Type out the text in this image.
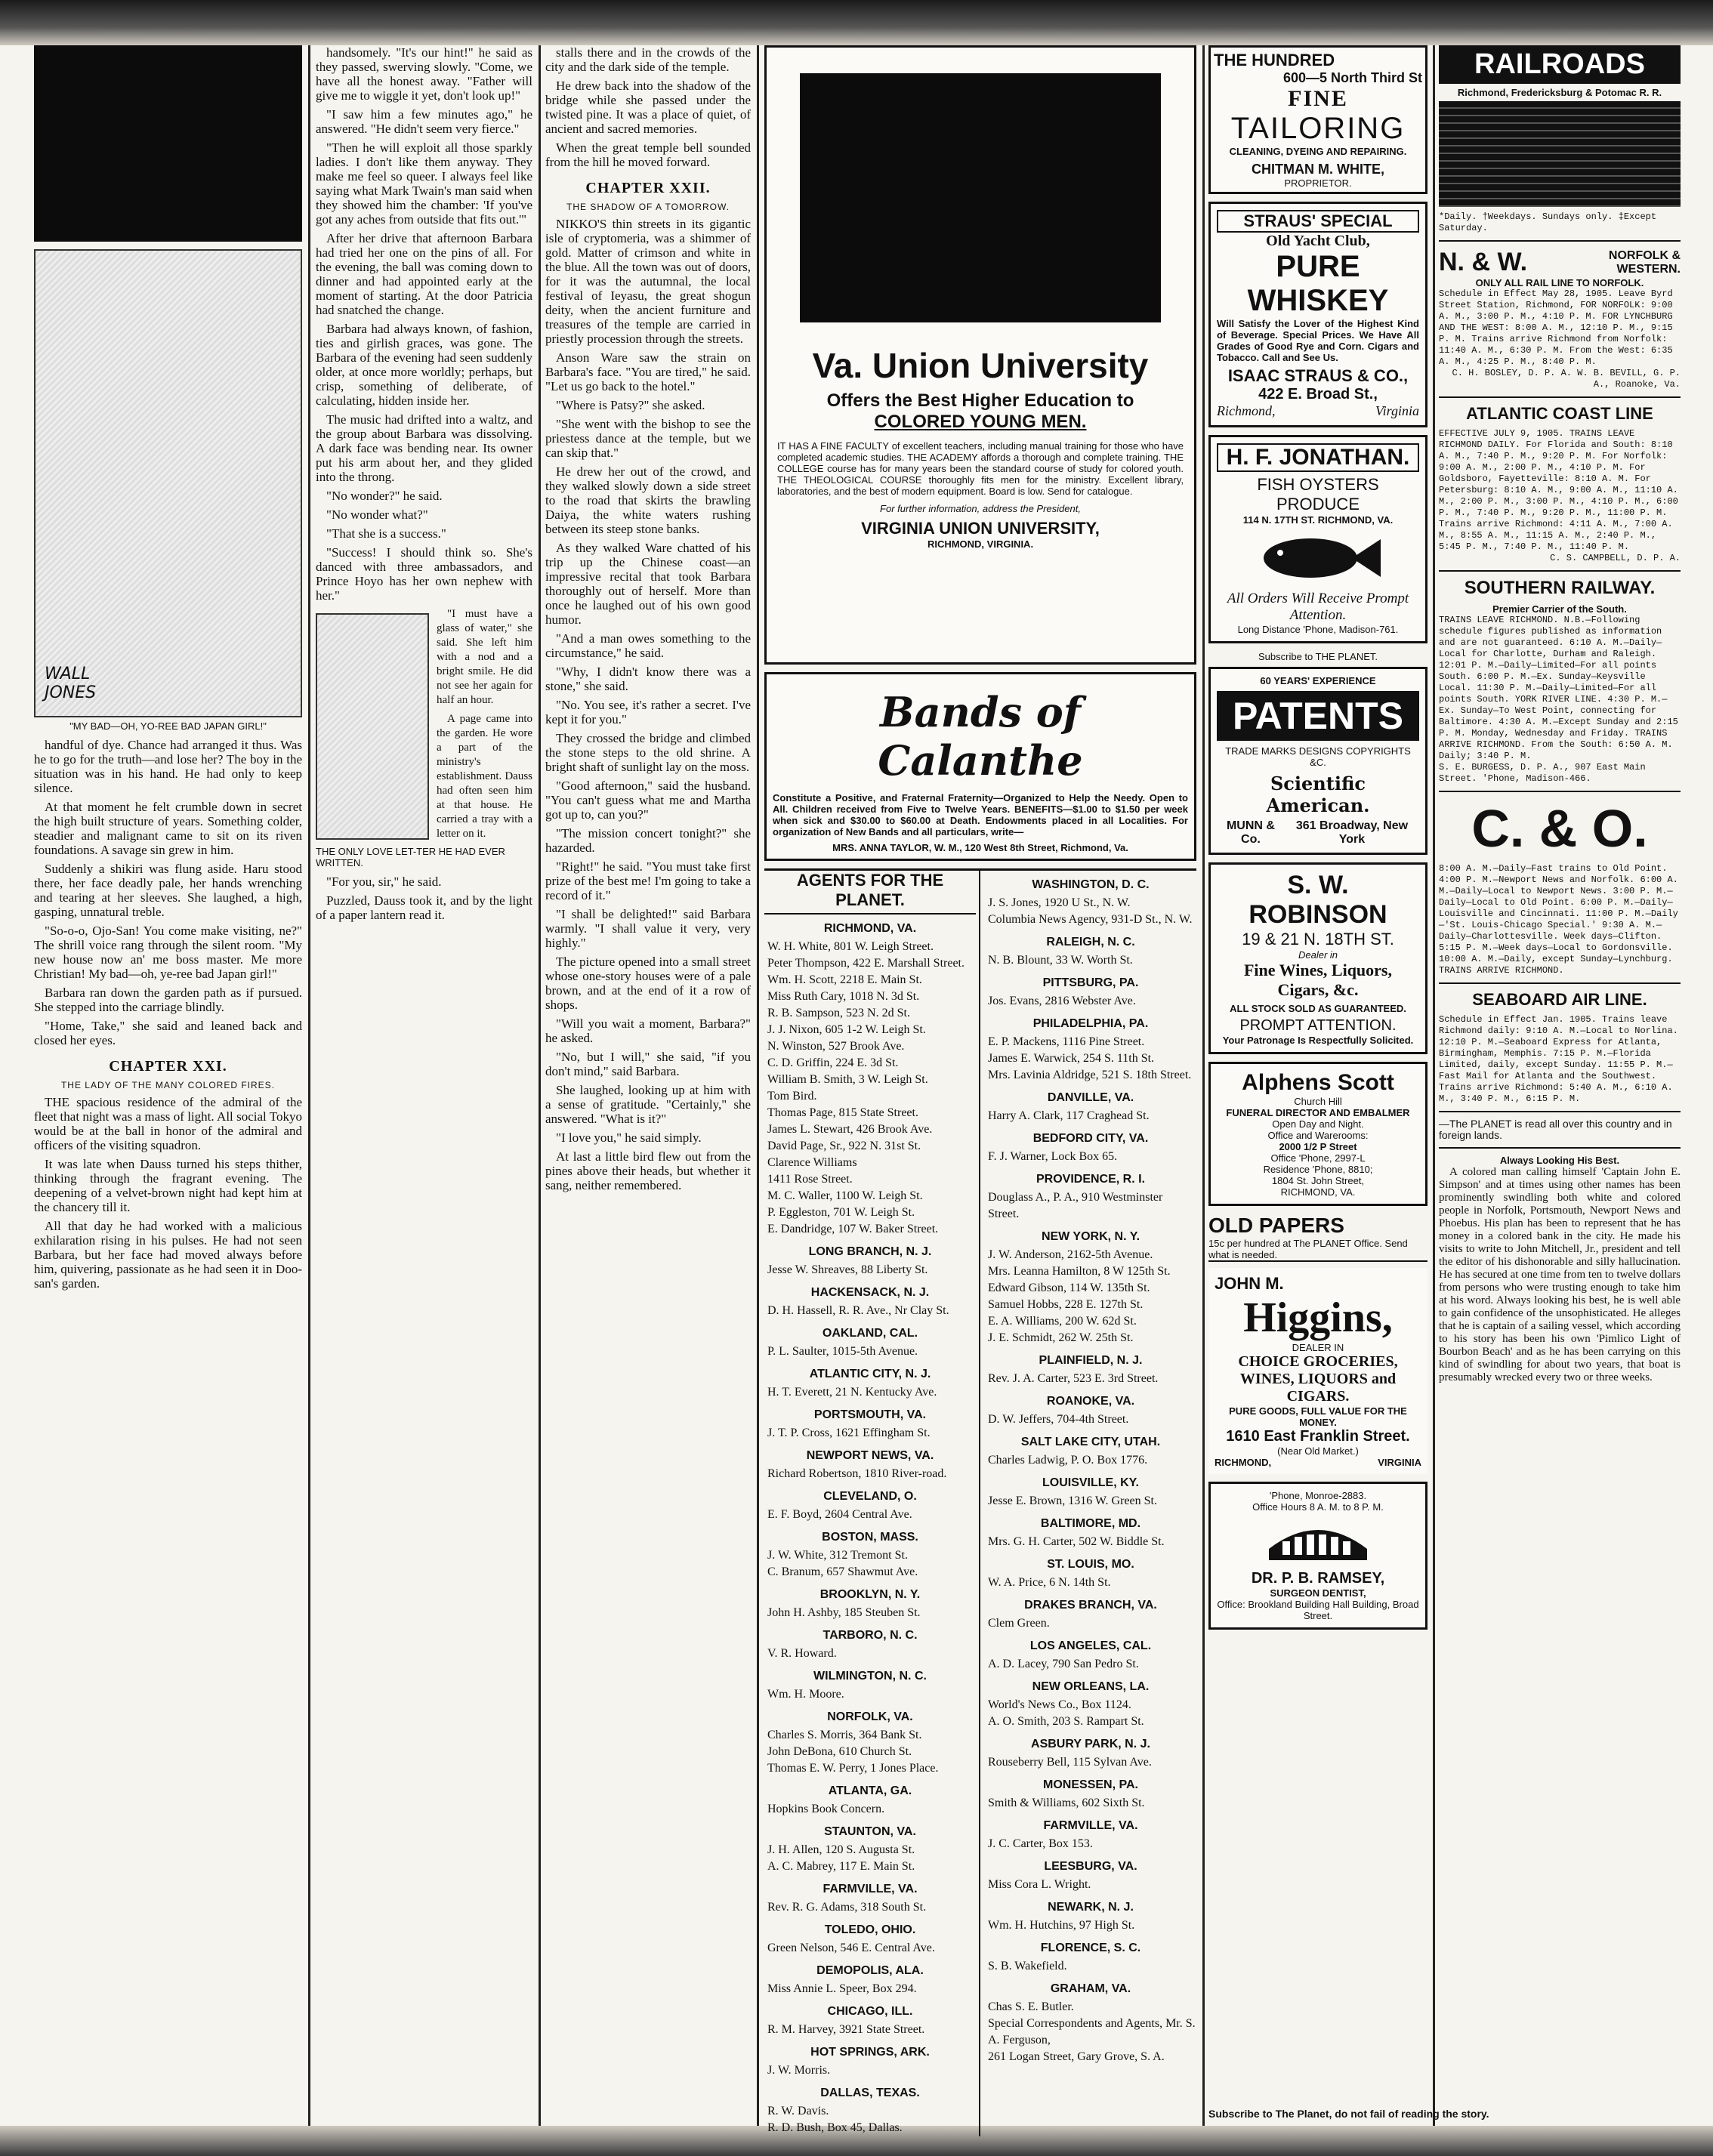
WALL JONES
"MY BAD—OH, YO-REE BAD JAPAN GIRL!"

handful of dye. Chance had arranged it thus. Was he to go for the truth—and lose her? The boy in the situation was in his hand. He had only to keep silence.

At that moment he felt crumble down in secret the high built structure of years. Something colder, steadier and malignant came to sit on its riven foundations. A savage sin grew in him.

Suddenly a shikiri was flung aside. Haru stood there, her face deadly pale, her hands wrenching and tearing at her sleeves. She laughed, a high, gasping, unnatural treble.

"So-o-o, Ojo-San! You come make visiting, ne?" The shrill voice rang through the silent room. "My new house now an' me boss master. Me more Christian! My bad—oh, ye-ree bad Japan girl!"

Barbara ran down the garden path as if pursued. She stepped into the carriage blindly.

"Home, Take," she said and leaned back and closed her eyes.

CHAPTER XXI.
THE LADY OF THE MANY COLORED FIRES.

THE spacious residence of the admiral of the fleet that night was a mass of light. All social Tokyo would be at the ball in honor of the admiral and officers of the visiting squadron.

It was late when Dauss turned his steps thither, thinking through the fragrant evening. The deepening of a velvet-brown night had kept him at the chancery till it.

All that day he had worked with a malicious exhilaration rising in his pulses. He had not seen Barbara, but her face had moved always before him, quivering, passionate as he had seen it in Doo-san's garden.

handsomely. "It's our hint!" he said as they passed, swerving slowly. "Come, we have all the honest away. "Father will give me to wiggle it yet, don't look up!"

"I saw him a few minutes ago," he answered. "He didn't seem very fierce."

"Then he will exploit all those sparkly ladies. I don't like them anyway. They make me feel so queer. I always feel like saying what Mark Twain's man said when they showed him the chamber: 'If you've got any aches from outside that fits out.'"

After her drive that afternoon Barbara had tried her one on the pins of all. For the evening, the ball was coming down to dinner and had appointed early at the moment of starting. At the door Patricia had snatched the change.

Barbara had always known, of fashion, ties and girlish graces, was gone. The Barbara of the evening had seen suddenly older, at once more worldly; perhaps, but crisp, something of deliberate, of calculating, hidden inside her.

The music had drifted into a waltz, and the group about Barbara was dissolving. A dark face was bending near. Its owner put his arm about her, and they glided into the throng.

"No wonder?" he said.

"No wonder what?"

"That she is a success."

"Success! I should think so. She's danced with three ambassadors, and Prince Hoyo has her own nephew with her."

"I must have a glass of water," she said. She left him with a nod and a bright smile. He did not see her again for half an hour.

A page came into the garden. He wore a part of the ministry's establishment. Dauss had often seen him at that house. He carried a tray with a letter on it.

THE ONLY LOVE LET-TER HE HAD EVER WRITTEN.

"For you, sir," he said.

Puzzled, Dauss took it, and by the light of a paper lantern read it.

stalls there and in the crowds of the city and the dark side of the temple.

He drew back into the shadow of the bridge while she passed under the twisted pine. It was a place of quiet, of ancient and sacred memories.

When the great temple bell sounded from the hill he moved forward.

CHAPTER XXII.
THE SHADOW OF A TOMORROW.

NIKKO'S thin streets in its gigantic isle of cryptomeria, was a shimmer of gold. Matter of crimson and white in the blue. All the town was out of doors, for it was the autumnal, the local festival of Ieyasu, the great shogun deity, when the ancient furniture and treasures of the temple are carried in priestly procession through the streets.

Anson Ware saw the strain on Barbara's face. "You are tired," he said. "Let us go back to the hotel."

"Where is Patsy?" she asked.

"She went with the bishop to see the priestess dance at the temple, but we can skip that."

He drew her out of the crowd, and they walked slowly down a side street to the road that skirts the brawling Daiya, the white waters rushing between its steep stone banks.

As they walked Ware chatted of his trip up the Chinese coast—an impressive recital that took Barbara thoroughly out of herself. More than once he laughed out of his own good humor.

"And a man owes something to the circumstance," he said.

"Why, I didn't know there was a stone," she said.

"No. You see, it's rather a secret. I've kept it for you."

They crossed the bridge and climbed the stone steps to the old shrine. A bright shaft of sunlight lay on the moss.

"Good afternoon," said the husband. "You can't guess what me and Martha got up to, can you?"

"The mission concert tonight?" she hazarded.

"Right!" he said. "You must take first prize of the best me! I'm going to take a record of it."

"I shall be delighted!" said Barbara warmly. "I shall value it very, very highly."

The picture opened into a small street whose one-story houses were of a pale brown, and at the end of it a row of shops.

"Will you wait a moment, Barbara?" he asked.

"No, but I will," she said, "if you don't mind," said Barbara.

She laughed, looking up at him with a sense of gratitude. "Certainly," she answered. "What is it?"

"I love you," he said simply.

At last a little bird flew out from the pines above their heads, but whether it sang, neither remembered.

Va. Union University
Offers the Best Higher Education to
COLORED YOUNG MEN.
IT HAS A FINE FACULTY of excellent teachers, including manual training for those who have completed academic studies. THE ACADEMY affords a thorough and complete training. THE COLLEGE course has for many years been the standard course of study for colored youth. THE THEOLOGICAL COURSE thoroughly fits men for the ministry. Excellent library, laboratories, and the best of modern equipment. Board is low. Send for catalogue.
For further information, address the President,
VIRGINIA UNION UNIVERSITY,
RICHMOND, VIRGINIA.
Bands of Calanthe
Constitute a Positive, and Fraternal Fraternity—Organized to Help the Needy. Open to All. Children received from Five to Twelve Years. BENEFITS—$1.00 to $1.50 per week when sick and $30.00 to $60.00 at Death. Endowments placed in all Localities. For organization of New Bands and all particulars, write—
MRS. ANNA TAYLOR, W. M., 120 West 8th Street, Richmond, Va.
AGENTS FOR THE PLANET.
RICHMOND, VA.
W. H. White, 801 W. Leigh Street.
Peter Thompson, 422 E. Marshall Street.
Wm. H. Scott, 2218 E. Main St.
Miss Ruth Cary, 1018 N. 3d St.
R. B. Sampson, 523 N. 2d St.
J. J. Nixon, 605 1-2 W. Leigh St.
N. Winston, 527 Brook Ave.
C. D. Griffin, 224 E. 3d St.
William B. Smith, 3 W. Leigh St.
Tom Bird.
Thomas Page, 815 State Street.
James L. Stewart, 426 Brook Ave.
David Page, Sr., 922 N. 31st St.
Clarence Williams
1411 Rose Street.
M. C. Waller, 1100 W. Leigh St.
P. Eggleston, 701 W. Leigh St.
E. Dandridge, 107 W. Baker Street.
LONG BRANCH, N. J.
Jesse W. Shreaves, 88 Liberty St.
HACKENSACK, N. J.
D. H. Hassell, R. R. Ave., Nr Clay St.
OAKLAND, CAL.
P. L. Saulter, 1015-5th Avenue.
ATLANTIC CITY, N. J.
H. T. Everett, 21 N. Kentucky Ave.
PORTSMOUTH, VA.
J. T. P. Cross, 1621 Effingham St.
NEWPORT NEWS, VA.
Richard Robertson, 1810 River-road.
CLEVELAND, O.
E. F. Boyd, 2604 Central Ave.
BOSTON, MASS.
J. W. White, 312 Tremont St.
C. Branum, 657 Shawmut Ave.
BROOKLYN, N. Y.
John H. Ashby, 185 Steuben St.
TARBORO, N. C.
V. R. Howard.
WILMINGTON, N. C.
Wm. H. Moore.
NORFOLK, VA.
Charles S. Morris, 364 Bank St.
John DeBona, 610 Church St.
Thomas E. W. Perry, 1 Jones Place.
ATLANTA, GA.
Hopkins Book Concern.
STAUNTON, VA.
J. H. Allen, 120 S. Augusta St.
A. C. Mabrey, 117 E. Main St.
FARMVILLE, VA.
Rev. R. G. Adams, 318 South St.
TOLEDO, OHIO.
Green Nelson, 546 E. Central Ave.
DEMOPOLIS, ALA.
Miss Annie L. Speer, Box 294.
CHICAGO, ILL.
R. M. Harvey, 3921 State Street.
HOT SPRINGS, ARK.
J. W. Morris.
DALLAS, TEXAS.
R. W. Davis.
R. D. Bush, Box 45, Dallas.
WASHINGTON, D. C.
J. S. Jones, 1920 U St., N. W.
Columbia News Agency, 931-D St., N. W.
RALEIGH, N. C.
N. B. Blount, 33 W. Worth St.
PITTSBURG, PA.
Jos. Evans, 2816 Webster Ave.
PHILADELPHIA, PA.
E. P. Mackens, 1116 Pine Street.
James E. Warwick, 254 S. 11th St.
Mrs. Lavinia Aldridge, 521 S. 18th Street.
DANVILLE, VA.
Harry A. Clark, 117 Craghead St.
BEDFORD CITY, VA.
F. J. Warner, Lock Box 65.
PROVIDENCE, R. I.
Douglass A., P. A., 910 Westminster Street.
NEW YORK, N. Y.
J. W. Anderson, 2162-5th Avenue.
Mrs. Leanna Hamilton, 8 W 125th St.
Edward Gibson, 114 W. 135th St.
Samuel Hobbs, 228 E. 127th St.
E. A. Williams, 200 W. 62d St.
J. E. Schmidt, 262 W. 25th St.
PLAINFIELD, N. J.
Rev. J. A. Carter, 523 E. 3rd Street.
ROANOKE, VA.
D. W. Jeffers, 704-4th Street.
SALT LAKE CITY, UTAH.
Charles Ladwig, P. O. Box 1776.
LOUISVILLE, KY.
Jesse E. Brown, 1316 W. Green St.
BALTIMORE, MD.
Mrs. G. H. Carter, 502 W. Biddle St.
ST. LOUIS, MO.
W. A. Price, 6 N. 14th St.
DRAKES BRANCH, VA.
Clem Green.
LOS ANGELES, CAL.
A. D. Lacey, 790 San Pedro St.
NEW ORLEANS, LA.
World's News Co., Box 1124.
A. O. Smith, 203 S. Rampart St.
ASBURY PARK, N. J.
Rouseberry Bell, 115 Sylvan Ave.
MONESSEN, PA.
Smith & Williams, 602 Sixth St.
FARMVILLE, VA.
J. C. Carter, Box 153.
LEESBURG, VA.
Miss Cora L. Wright.
NEWARK, N. J.
Wm. H. Hutchins, 97 High St.
FLORENCE, S. C.
S. B. Wakefield.
GRAHAM, VA.
Chas S. E. Butler.
Special Correspondents and Agents, Mr. S. A. Ferguson,
261 Logan Street, Gary Grove, S. A.
THE HUNDRED
600—5 North Third St
FINE
TAILORING
CLEANING, DYEING AND REPAIRING.
CHITMAN M. WHITE,
PROPRIETOR.
STRAUS' SPECIAL
Old Yacht Club,
PURE WHISKEY
Will Satisfy the Lover of the Highest Kind of Beverage. Special Prices. We Have All Grades of Good Rye and Corn. Cigars and Tobacco. Call and See Us.
ISAAC STRAUS & CO.,
422 E. Broad St.,
Richmond,	Virginia
H. F. JONATHAN.
FISH OYSTERS PRODUCE
114 N. 17TH ST. RICHMOND, VA.
All Orders Will Receive Prompt Attention.
Long Distance 'Phone, Madison-761.
Subscribe to THE PLANET.
60 YEARS' EXPERIENCE
PATENTS
TRADE MARKS DESIGNS COPYRIGHTS &C.
Scientific American.
MUNN & Co.
361 Broadway, New York
S. W. ROBINSON
19 & 21 N. 18TH ST.
Dealer in
Fine Wines, Liquors, Cigars, &c.
ALL STOCK SOLD AS GUARANTEED.
PROMPT ATTENTION.
Your Patronage Is Respectfully Solicited.
Alphens Scott
Church Hill
FUNERAL DIRECTOR AND EMBALMER
Open Day and Night.
Office and Warerooms:
2000 1/2 P Street
Office 'Phone, 2997-L
Residence 'Phone, 8810;
1804 St. John Street,
RICHMOND, VA.
OLD PAPERS
15c per hundred at The PLANET Office. Send what is needed.
JOHN M.
Higgins,
DEALER IN
CHOICE GROCERIES, WINES, LIQUORS and CIGARS.
PURE GOODS, FULL VALUE FOR THE MONEY.
1610 East Franklin Street.
(Near Old Market.)
RICHMOND,	VIRGINIA
'Phone, Monroe-2883.
Office Hours 8 A. M. to 8 P. M.
DR. P. B. RAMSEY,
SURGEON DENTIST,
Office: Brookland Building Hall Building, Broad Street.
RAILROADS
Richmond, Fredericksburg & Potomac R. R.
*Daily. †Weekdays. Sundays only. ‡Except Saturday.
N. & W.	NORFOLK & WESTERN.
ONLY ALL RAIL LINE TO NORFOLK.
Schedule in Effect May 28, 1905. Leave Byrd Street Station, Richmond, FOR NORFOLK: 9:00 A. M., 3:00 P. M., 4:10 P. M. FOR LYNCHBURG AND THE WEST: 8:00 A. M., 12:10 P. M., 9:15 P. M. Trains arrive Richmond from Norfolk: 11:40 A. M., 6:30 P. M. From the West: 6:35 A. M., 4:25 P. M., 8:40 P. M.
C. H. BOSLEY, D. P. A. W. B. BEVILL, G. P. A., Roanoke, Va.
ATLANTIC COAST LINE
EFFECTIVE JULY 9, 1905. TRAINS LEAVE RICHMOND DAILY. For Florida and South: 8:10 A. M., 7:40 P. M., 9:20 P. M. For Norfolk: 9:00 A. M., 2:00 P. M., 4:10 P. M. For Goldsboro, Fayetteville: 8:10 A. M. For Petersburg: 8:10 A. M., 9:00 A. M., 11:10 A. M., 2:00 P. M., 3:00 P. M., 4:10 P. M., 6:00 P. M., 7:40 P. M., 9:20 P. M., 11:00 P. M. Trains arrive Richmond: 4:11 A. M., 7:00 A. M., 8:55 A. M., 11:15 A. M., 2:40 P. M., 5:45 P. M., 7:40 P. M., 11:40 P. M.
C. S. CAMPBELL, D. P. A.
SOUTHERN RAILWAY.
Premier Carrier of the South.
TRAINS LEAVE RICHMOND. N.B.—Following schedule figures published as information and are not guaranteed. 6:10 A. M.—Daily—Local for Charlotte, Durham and Raleigh. 12:01 P. M.—Daily—Limited—For all points South. 6:00 P. M.—Ex. Sunday—Keysville Local. 11:30 P. M.—Daily—Limited—For all points South. YORK RIVER LINE. 4:30 P. M.—Ex. Sunday—To West Point, connecting for Baltimore. 4:30 A. M.—Except Sunday and 2:15 P. M. Monday, Wednesday and Friday. TRAINS ARRIVE RICHMOND. From the South: 6:50 A. M. Daily; 3:40 P. M.
S. E. BURGESS, D. P. A., 907 East Main Street. 'Phone, Madison-466.
C. & O.
8:00 A. M.—Daily—Fast trains to Old Point. 4:00 P. M.—Newport News and Norfolk. 6:00 A. M.—Daily—Local to Newport News. 3:00 P. M.—Daily—Local to Old Point. 6:00 P. M.—Daily—Louisville and Cincinnati. 11:00 P. M.—Daily—'St. Louis-Chicago Special.' 9:30 A. M.—Daily—Charlottesville. Week days—Clifton. 5:15 P. M.—Week days—Local to Gordonsville. 10:00 A. M.—Daily, except Sunday—Lynchburg. TRAINS ARRIVE RICHMOND.
SEABOARD AIR LINE.
Schedule in Effect Jan. 1905. Trains leave Richmond daily: 9:10 A. M.—Local to Norlina. 12:10 P. M.—Seaboard Express for Atlanta, Birmingham, Memphis. 7:15 P. M.—Florida Limited, daily, except Sunday. 11:55 P. M.—Fast Mail for Atlanta and the Southwest. Trains arrive Richmond: 5:40 A. M., 6:10 A. M., 3:40 P. M., 6:15 P. M.
—The PLANET is read all over this country and in foreign lands.
Always Looking His Best.

A colored man calling himself 'Captain John E. Simpson' and at times using other names has been prominently swindling both white and colored people in Norfolk, Portsmouth, Newport News and Phoebus. His plan has been to represent that he has money in a colored bank in the city. He made his visits to write to John Mitchell, Jr., president and tell the editor of his dishonorable and silly hallucination. He has secured at one time from ten to twelve dollars from persons who were trusting enough to take him at his word. Always looking his best, he is well able to gain confidence of the unsophisticated. He alleges that he is captain of a sailing vessel, which according to his story has been his own 'Pimlico Light of Bourbon Beach' and as he has been carrying on this kind of swindling for about two years, that boat is presumably wrecked every two or three weeks.

Subscribe to The Planet, do not fail of reading the story.
